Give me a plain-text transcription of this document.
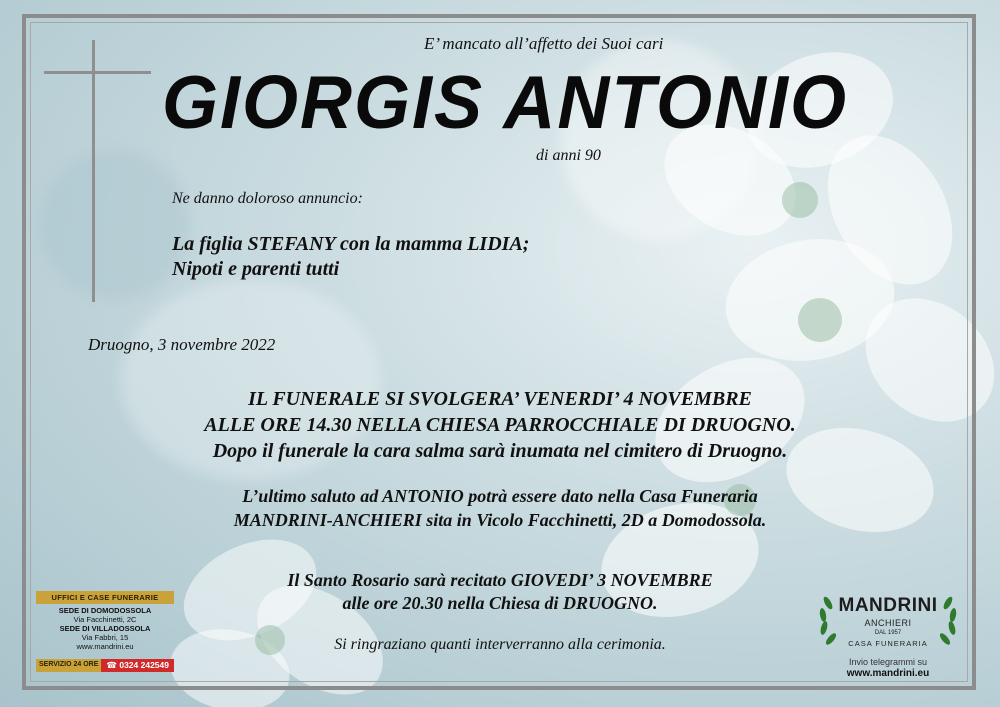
E’ mancato all’affetto dei Suoi cari
GIORGIS ANTONIO
di anni 90
Ne danno doloroso annuncio:
La figlia STEFANY con la mamma LIDIA;
Nipoti e parenti tutti
Druogno, 3 novembre 2022
IL FUNERALE SI SVOLGERA’ VENERDI’ 4 NOVEMBRE
ALLE ORE 14.30 NELLA CHIESA PARROCCHIALE DI DRUOGNO.
Dopo il funerale la cara salma sarà inumata nel cimitero di Druogno.
L’ultimo saluto ad ANTONIO potrà essere dato nella Casa Funeraria
MANDRINI-ANCHIERI sita in Vicolo Facchinetti, 2D a Domodossola.
Il Santo Rosario sarà recitato GIOVEDI’ 3 NOVEMBRE
alle ore 20.30 nella Chiesa di DRUOGNO.
Si ringraziano quanti interverranno alla cerimonia.
UFFICI E CASE FUNERARIE
SEDE DI DOMODOSSOLA
Via Facchinetti, 2C
SEDE DI VILLADOSSOLA
Via Fabbri, 15
www.mandrini.eu
SERVIZIO 24 ORE ☎ 0324 242549
MANDRINI
ANCHIERI
DAL 1957
CASA FUNERARIA
Invio telegrammi su
www.mandrini.eu
